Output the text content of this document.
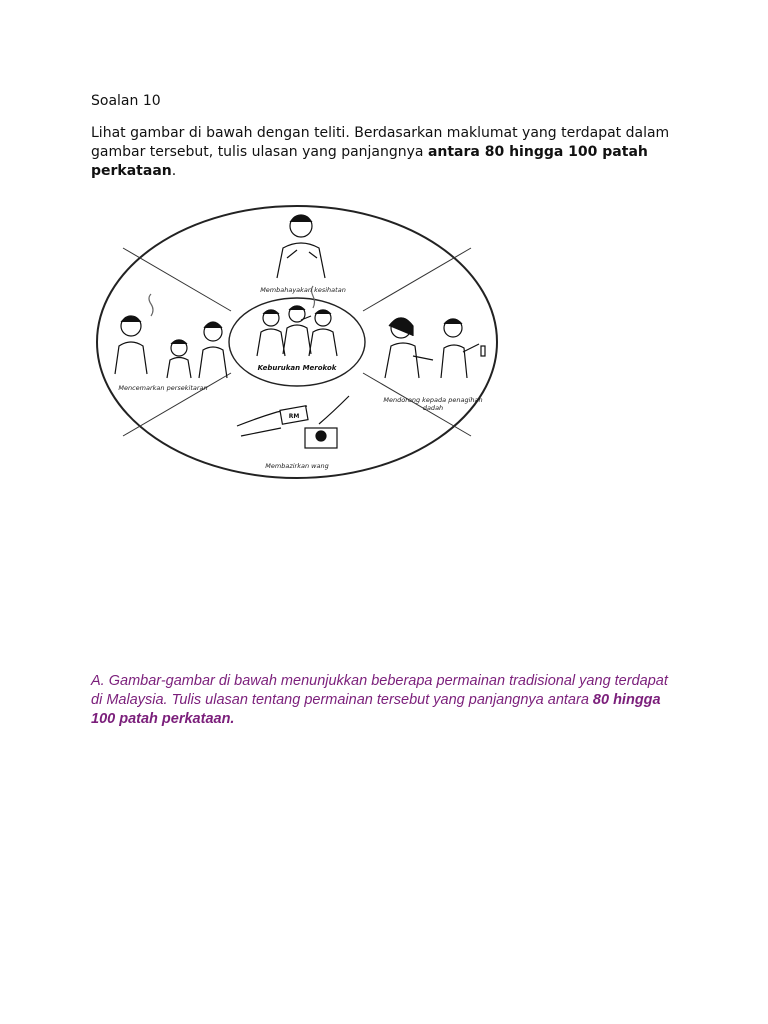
Soalan 10
Lihat gambar di bawah dengan teliti. Berdasarkan maklumat yang terdapat dalam gambar tersebut, tulis ulasan yang panjangnya antara 80 hingga 100 patah perkataan.
Keburukan Merokok
Membahayakan kesihatan
Mencemarkan persekitaran
Mendorong kepada penagihan
dadah
RM
Membazirkan wang
A. Gambar-gambar di bawah menunjukkan beberapa permainan tradisional yang terdapat di Malaysia. Tulis ulasan tentang permainan tersebut yang panjangnya antara 80 hingga 100 patah perkataan.
